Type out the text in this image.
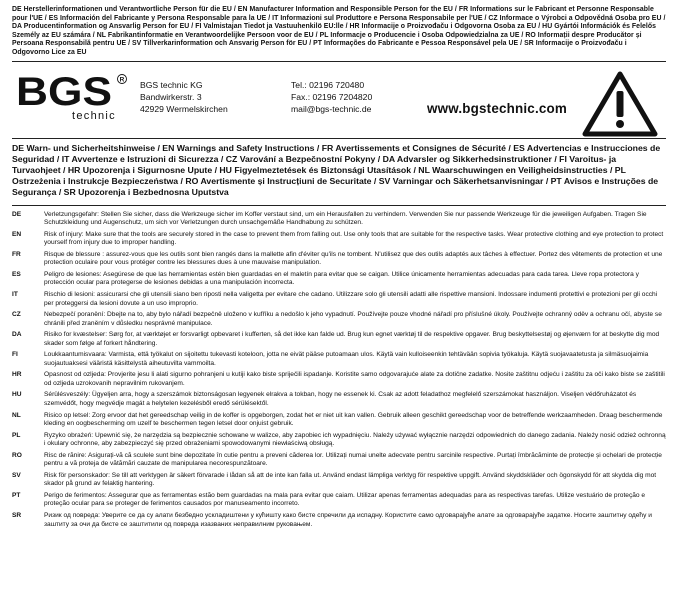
DE Herstellerinformationen und Verantwortliche Person für die EU / EN Manufacturer Information and Responsible Person for the EU / FR Informations sur le Fabricant et Personne Responsable pour l'UE / ES Información del Fabricante y Persona Responsable para la UE / IT Informazioni sul Produttore e Persona Responsabile per l'UE / CZ Informace o Výrobci a Odpovědná Osoba pro EU / DA Producentinformation og Ansvarlig Person for EU / FI Valmistajan Tiedot ja Vastuuhenkilö EU:lle / HR Informacije o Proizvođaču i Odgovorna Osoba za EU / HU Gyártói Információk és Felelős Személy az EU számára / NL Fabrikantinformatie en Verantwoordelijke Persoon voor de EU / PL Informacje o Producencie i Osoba Odpowiedzialna za UE / RO Informații despre Producător și Persoana Responsabilă pentru UE / SV Tillverkarinformation och Ansvarig Person för EU / PT Informações do Fabricante e Pessoa Responsável pela UE / SR Informacije o Proizvođaču i Odgovorno Lice za EU
BGS R
technic
BGS technic KG
Bandwirkerstr. 3
42929 Wermelskirchen
Tel.: 02196 720480
Fax.: 02196 7204820
mail@bgs-technic.de	www.bgstechnic.com
DE Warn- und Sicherheitshinweise / EN Warnings and Safety Instructions / FR Avertissements et Consignes de Sécurité / ES Advertencias e Instrucciones de Seguridad / IT Avvertenze e Istruzioni di Sicurezza / CZ Varování a Bezpečnostní Pokyny / DA Advarsler og Sikkerhedsinstruktioner / FI Varoitus- ja Turvaohjeet / HR Upozorenja i Sigurnosne Upute / HU Figyelmeztetések és Biztonsági Utasítások / NL Waarschuwingen en Veiligheidsinstructies / PL Ostrzeżenia i Instrukcje Bezpieczeństwa / RO Avertismente și Instrucțiuni de Securitate / SV Varningar och Säkerhetsanvisningar / PT Avisos e Instruções de Segurança / SR Upozorenja i Bezbednosna Uputstva
DE	Verletzungsgefahr: Stellen Sie sicher, dass die Werkzeuge sicher im Koffer verstaut sind, um ein Herausfallen zu verhindern. Verwenden Sie nur passende Werkzeuge für die jeweiligen Aufgaben. Tragen Sie Schutzkleidung und Augenschutz, um sich vor Verletzungen durch unsachgemäße Handhabung zu schützen.
EN	Risk of injury: Make sure that the tools are securely stored in the case to prevent them from falling out. Use only tools that are suitable for the respective tasks. Wear protective clothing and eye protection to protect yourself from injury due to improper handling.
FR	Risque de blessure : assurez-vous que les outils sont bien rangés dans la mallette afin d'éviter qu'ils ne tombent. N'utilisez que des outils adaptés aux tâches à effectuer. Portez des vêtements de protection et une protection oculaire pour vous protéger contre les blessures dues à une mauvaise manipulation.
ES	Peligro de lesiones: Asegúrese de que las herramientas estén bien guardadas en el maletín para evitar que se caigan. Utilice únicamente herramientas adecuadas para cada tarea. Lleve ropa protectora y protección ocular para protegerse de lesiones debidas a una manipulación incorrecta.
IT	Rischio di lesioni: assicurarsi che gli utensili siano ben riposti nella valigetta per evitare che cadano. Utilizzare solo gli utensili adatti alle rispettive mansioni. Indossare indumenti protettivi e protezioni per gli occhi per proteggersi da lesioni dovute a un uso improprio.
CZ	Nebezpečí poranění: Dbejte na to, aby bylo nářadí bezpečně uloženo v kufříku a nedošlo k jeho vypadnutí. Používejte pouze vhodné nářadí pro příslušné úkoly. Používejte ochranný oděv a ochranu očí, abyste se chránili před zraněním v důsledku nesprávné manipulace.
DA	Risiko for kvæstelser: Sørg for, at værktøjet er forsvarligt opbevaret i kufferten, så det ikke kan falde ud. Brug kun egnet værktøj til de respektive opgaver. Brug beskyttelsestøj og øjenværn for at beskytte dig mod skader som følge af forkert håndtering.
FI	Loukkaantumisvaara: Varmista, että työkalut on sijoitettu tukevasti koteloon, jotta ne eivät pääse putoamaan ulos. Käytä vain kulloiseenkin tehtävään sopivia työkaluja. Käytä suojavaatetusta ja silmäsuojaimia suojautuaksesi vääristä käsittelystä aiheutuvilta vammoilta.
HR	Opasnost od ozljeda: Provjerite jesu li alati sigurno pohranjeni u kutiji kako biste spriječili ispadanje. Koristite samo odgovarajuće alate za dotične zadatke. Nosite zaštitnu odjeću i zaštitu za oči kako biste se zaštitili od ozljeda uzrokovanih nepravilnim rukovanjem.
HU	Sérülésveszély: Ügyeljen arra, hogy a szerszámok biztonságosan legyenek elrakva a tokban, hogy ne essenek ki. Csak az adott feladathoz megfelelő szerszámokat használjon. Viseljen védőruházatot és szemvédőt, hogy megvédje magát a helytelen kezelésből eredő sérülésektől.
NL	Risico op letsel: Zorg ervoor dat het gereedschap veilig in de koffer is opgeborgen, zodat het er niet uit kan vallen. Gebruik alleen geschikt gereedschap voor de betreffende werkzaamheden. Draag beschermende kleding en oogbescherming om uzelf te beschermen tegen letsel door onjuist gebruik.
PL	Ryzyko obrażeń: Upewnić się, że narzędzia są bezpiecznie schowane w walizce, aby zapobiec ich wypadnięciu. Należy używać wyłącznie narzędzi odpowiednich do danego zadania. Należy nosić odzież ochronną i okulary ochronne, aby zabezpieczyć się przed obrażeniami spowodowanymi niewłaściwą obsługą.
RO	Risc de rănire: Asigurați-vă că sculele sunt bine depozitate în cutie pentru a preveni căderea lor. Utilizați numai unelte adecvate pentru sarcinile respective. Purtați îmbrăcăminte de protecție și ochelari de protecție pentru a vă proteja de vătămări cauzate de manipularea necorespunzătoare.
SV	Risk för personskador: Se till att verktygen är säkert förvarade i lådan så att de inte kan falla ut. Använd endast lämpliga verktyg för respektive uppgift. Använd skyddskläder och ögonskydd för att skydda dig mot skador på grund av felaktig hantering.
PT	Perigo de ferimentos: Assegurar que as ferramentas estão bem guardadas na mala para evitar que caiam. Utilizar apenas ferramentas adequadas para as respectivas tarefas. Utilize vestuário de proteção e proteção ocular para se proteger de ferimentos causados por manuseamento incorreto.
SR	Ризик од повреда: Уверите се да су алати безбедно ускладиштени у кућишту како бисте спречили да испадну. Користите само одговарајуће алате за одговарајуће задатке. Носите заштитну одећу и заштиту за очи да бисте се заштитили од повреда изазваних неправилним руковањем.
